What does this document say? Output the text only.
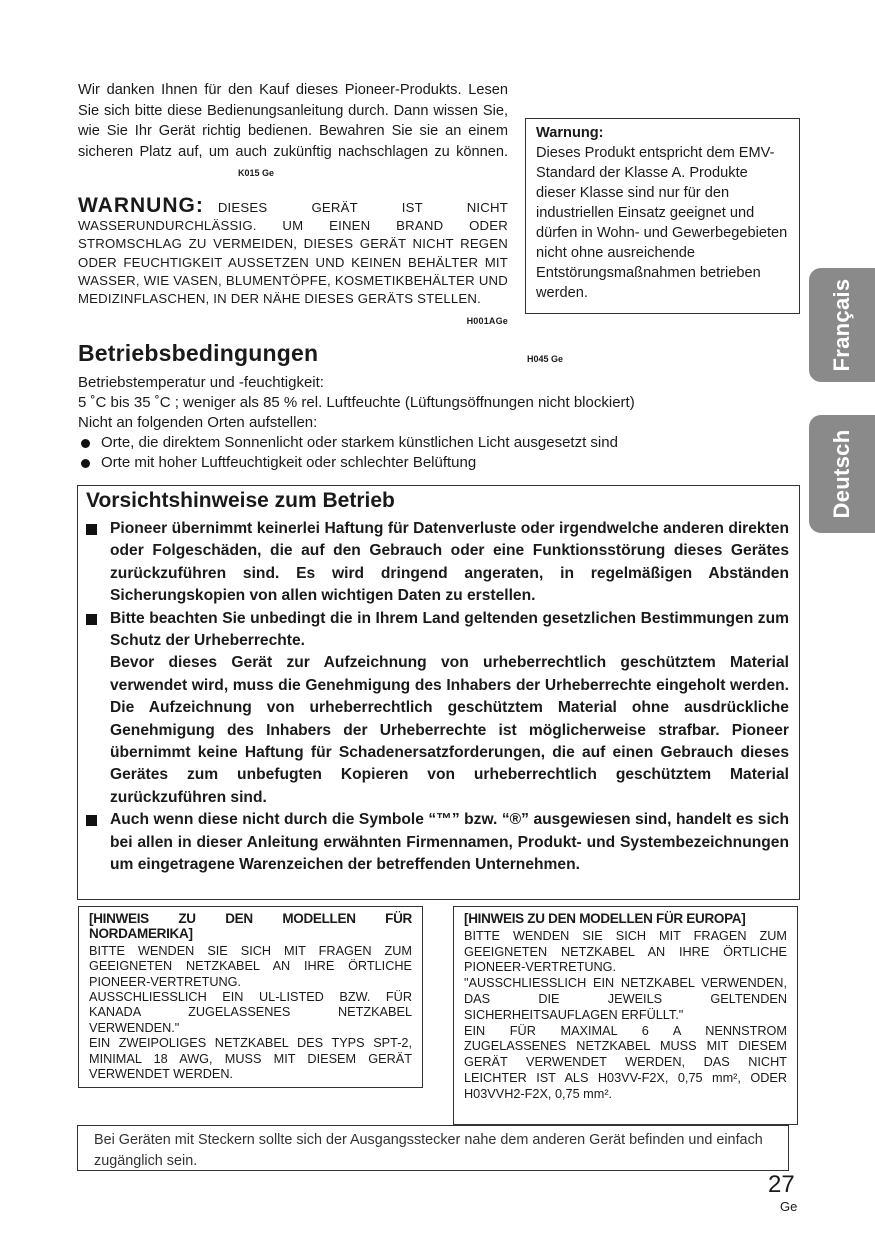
Wir danken Ihnen für den Kauf dieses Pioneer-Produkts. Lesen Sie sich bitte diese Bedienungsanleitung durch. Dann wissen Sie, wie Sie Ihr Gerät richtig bedienen. Bewahren Sie sie an einem sicheren Platz auf, um auch zukünftig nachschlagen zu können. K015 Ge
WARNUNG: DIESES GERÄT IST NICHT WASSERUNDURCHLÄSSIG. UM EINEN BRAND ODER STROMSCHLAG ZU VERMEIDEN, DIESES GERÄT NICHT REGEN ODER FEUCHTIGKEIT AUSSETZEN UND KEINEN BEHÄLTER MIT WASSER, WIE VASEN, BLUMENTÖPFE, KOSMETIKBEHÄLTER UND MEDIZINFLASCHEN, IN DER NÄHE DIESES GERÄTS STELLEN.
H001AGe
Warnung:
Dieses Produkt entspricht dem EMV-Standard der Klasse A. Produkte dieser Klasse sind nur für den industriellen Einsatz geeignet und dürfen in Wohn- und Gewerbegebieten nicht ohne ausreichende Entstörungsmaßnahmen betrieben werden.
Betriebsbedingungen	H045 Ge
Betriebstemperatur und -feuchtigkeit:
5 ˚C bis 35 ˚C ; weniger als 85 % rel. Luftfeuchte (Lüftungsöffnungen nicht blockiert)
Nicht an folgenden Orten aufstellen:
Orte, die direktem Sonnenlicht oder starkem künstlichen Licht ausgesetzt sind
Orte mit hoher Luftfeuchtigkeit oder schlechter Belüftung
Vorsichtshinweise zum Betrieb
Pioneer übernimmt keinerlei Haftung für Datenverluste oder irgendwelche anderen direkten oder Folgeschäden, die auf den Gebrauch oder eine Funktionsstörung dieses Gerätes zurückzuführen sind. Es wird dringend angeraten, in regelmäßigen Abständen Sicherungskopien von allen wichtigen Daten zu erstellen.
Bitte beachten Sie unbedingt die in Ihrem Land geltenden gesetzlichen Bestimmungen zum Schutz der Urheberrechte.
Bevor dieses Gerät zur Aufzeichnung von urheberrechtlich geschütztem Material verwendet wird, muss die Genehmigung des Inhabers der Urheberrechte eingeholt werden. Die Aufzeichnung von urheberrechtlich geschütztem Material ohne ausdrückliche Genehmigung des Inhabers der Urheberrechte ist möglicherweise strafbar. Pioneer übernimmt keine Haftung für Schadenersatzforderungen, die auf einen Gebrauch dieses Gerätes zum unbefugten Kopieren von urheberrechtlich geschütztem Material zurückzuführen sind.
Auch wenn diese nicht durch die Symbole “™” bzw. “®” ausgewiesen sind, handelt es sich bei allen in dieser Anleitung erwähnten Firmennamen, Produkt- und Systembezeichnungen um eingetragene Warenzeichen der betreffenden Unternehmen.
[HINWEIS ZU DEN MODELLEN FÜR NORDAMERIKA]
BITTE WENDEN SIE SICH MIT FRAGEN ZUM GEEIGNETEN NETZKABEL AN IHRE ÖRTLICHE PIONEER-VERTRETUNG.
AUSSCHLIESSLICH EIN UL-LISTED BZW. FÜR KANADA ZUGELASSENES NETZKABEL VERWENDEN."
EIN ZWEIPOLIGES NETZKABEL DES TYPS SPT-2, MINIMAL 18 AWG, MUSS MIT DIESEM GERÄT VERWENDET WERDEN.
[HINWEIS ZU DEN MODELLEN FÜR EUROPA]
BITTE WENDEN SIE SICH MIT FRAGEN ZUM GEEIGNETEN NETZKABEL AN IHRE ÖRTLICHE PIONEER-VERTRETUNG.
"AUSSCHLIESSLICH EIN NETZKABEL VERWENDEN, DAS DIE JEWEILS GELTENDEN SICHERHEITSAUFLAGEN ERFÜLLT."
EIN FÜR MAXIMAL 6 A NENNSTROM ZUGELASSENES NETZKABEL MUSS MIT DIESEM GERÄT VERWENDET WERDEN, DAS NICHT LEICHTER IST ALS H03VV-F2X, 0,75 mm², ODER H03VVH2-F2X, 0,75 mm².
Bei Geräten mit Steckern sollte sich der Ausgangsstecker nahe dem anderen Gerät befinden und einfach zugänglich sein.
Français
Deutsch
27
Ge
